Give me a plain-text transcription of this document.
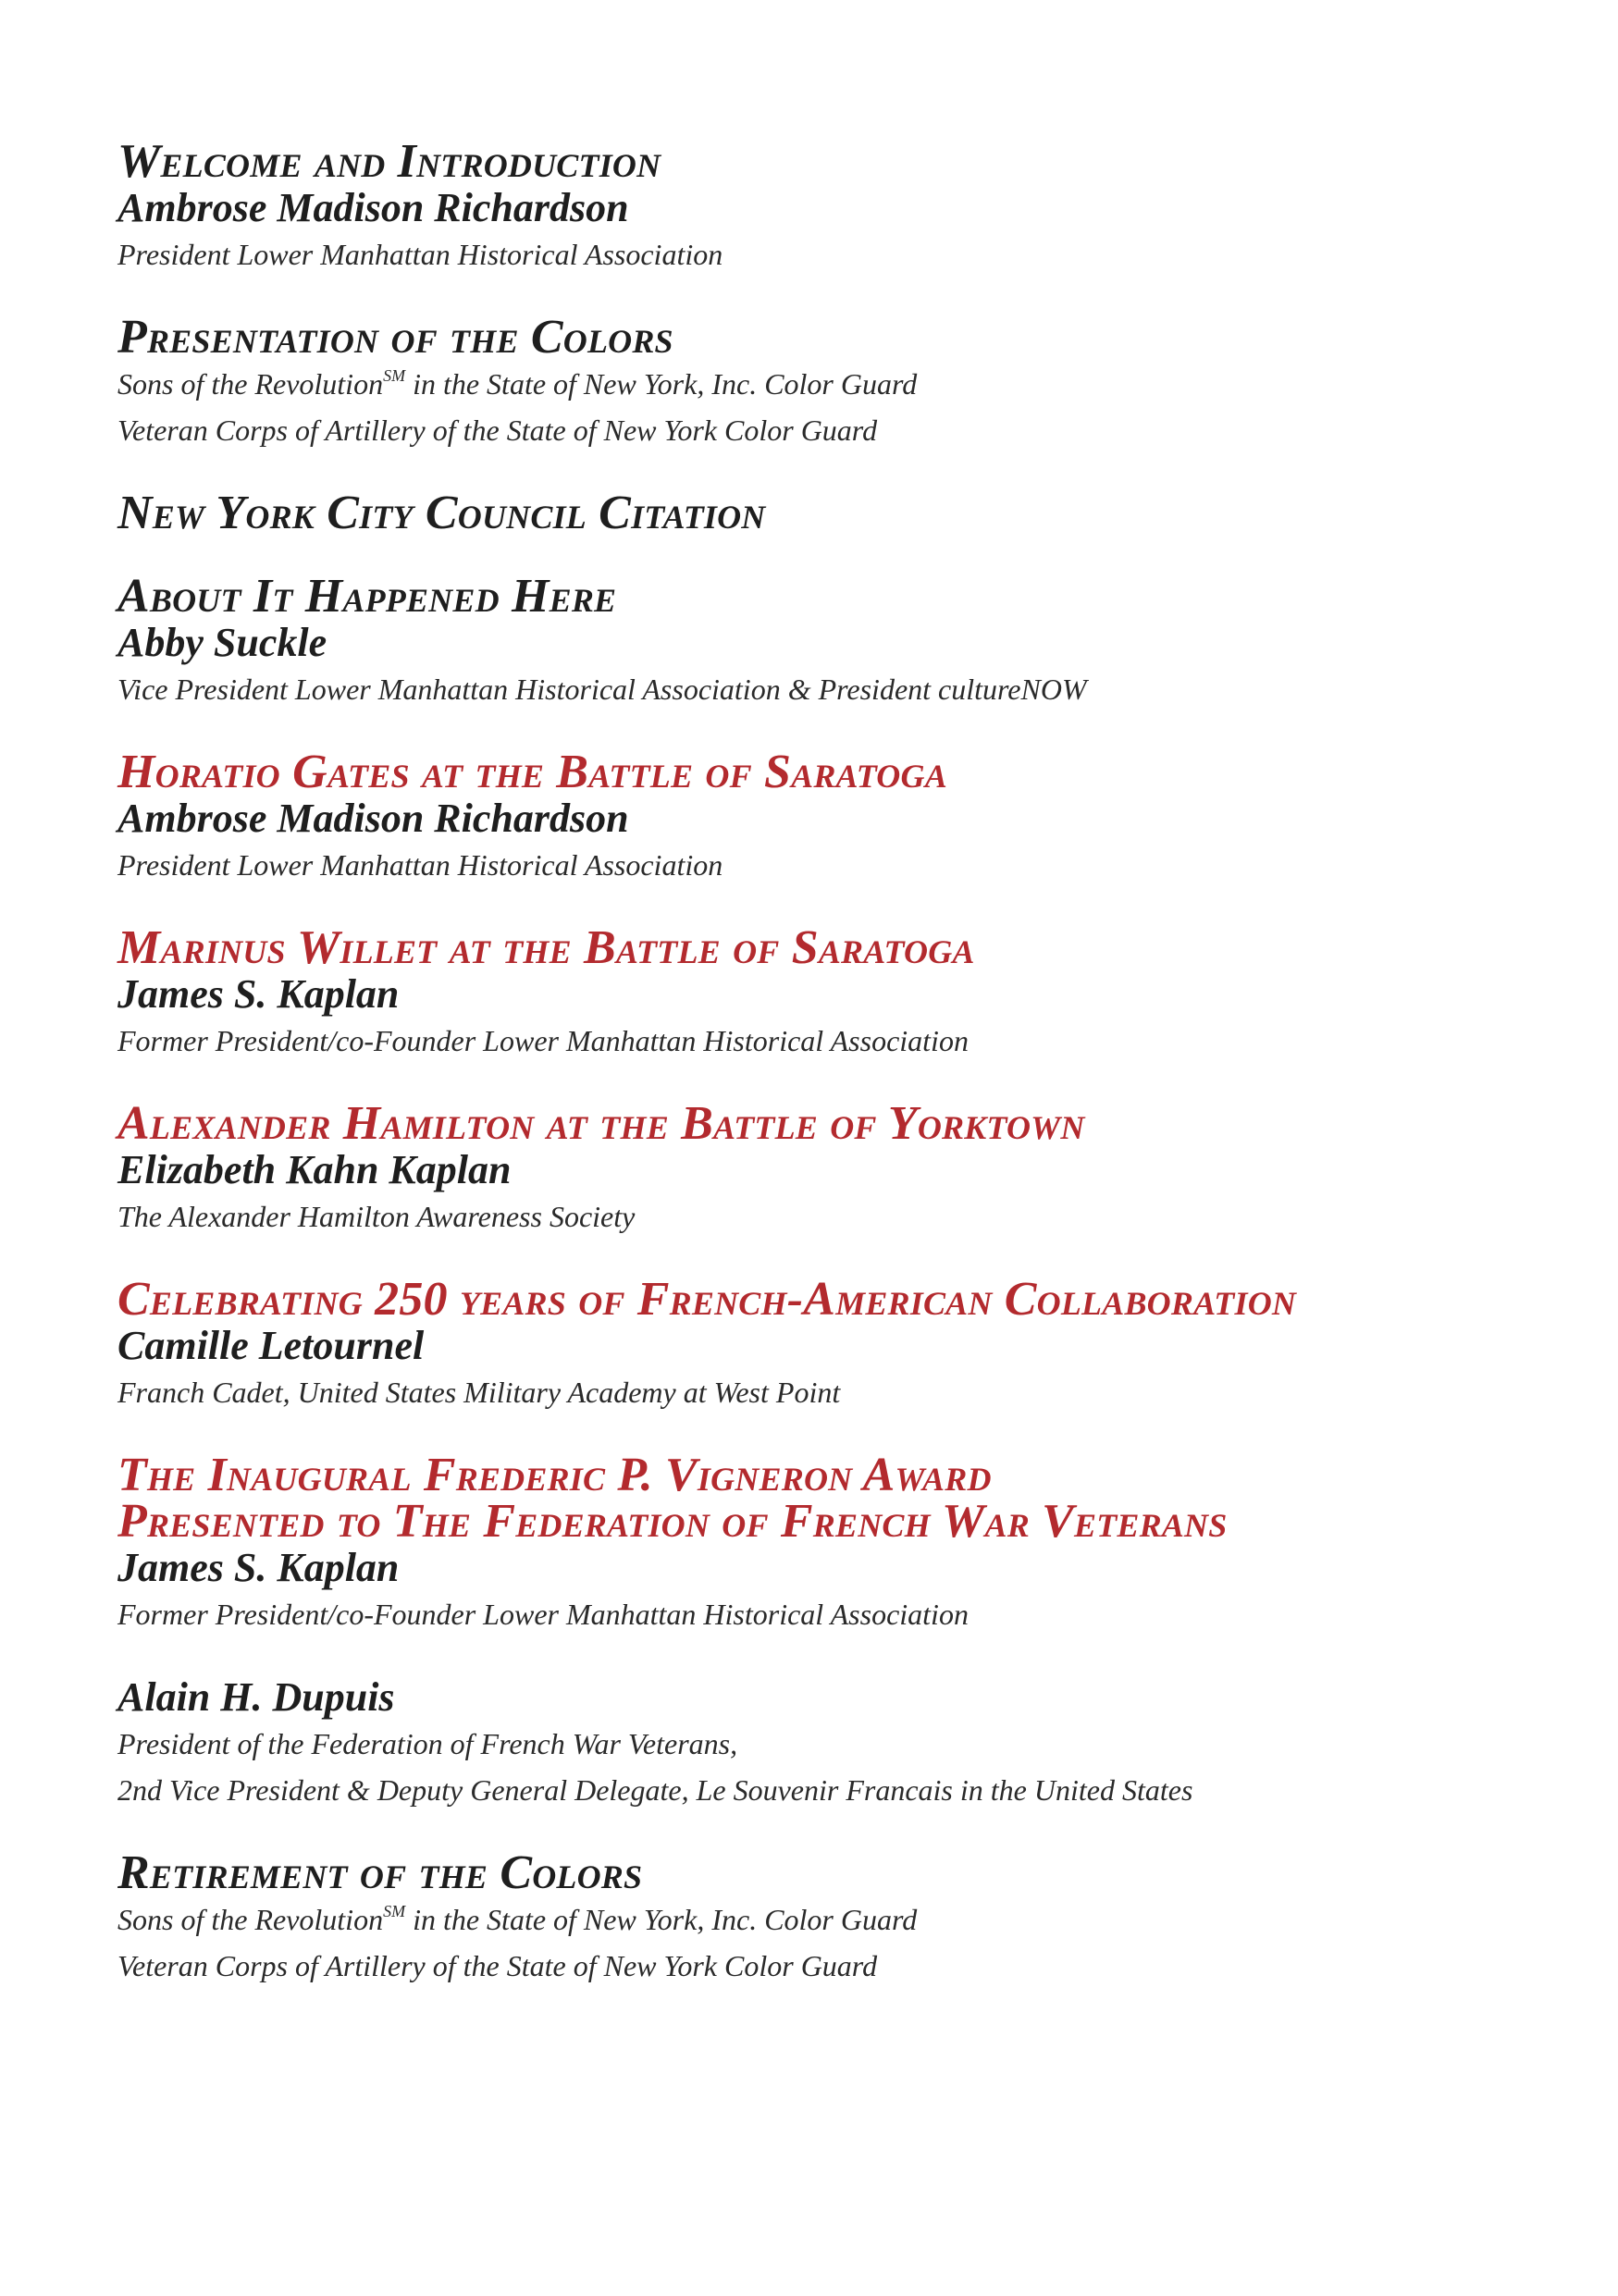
Welcome and Introduction
Ambrose Madison Richardson
President Lower Manhattan Historical Association
Presentation of the Colors
Sons of the Revolution℠ in the State of New York, Inc. Color Guard
Veteran Corps of Artillery of the State of New York Color Guard
New York City Council Citation
About It Happened Here
Abby Suckle
Vice President Lower Manhattan Historical Association & President cultureNOW
Horatio Gates at the Battle of Saratoga
Ambrose Madison Richardson
President Lower Manhattan Historical Association
Marinus Willet at the Battle of Saratoga
James S. Kaplan
Former President/co-Founder Lower Manhattan Historical Association
Alexander Hamilton at the Battle of Yorktown
Elizabeth Kahn Kaplan
The Alexander Hamilton Awareness Society
Celebrating 250 years of French-American Collaboration
Camille Letournel
Franch Cadet, United States Military Academy at West Point
The Inaugural Frederic P. Vigneron Award
Presented to The Federation of French War Veterans
James S. Kaplan
Former President/co-Founder Lower Manhattan Historical Association
Alain H. Dupuis
President of the Federation of French War Veterans,
2nd Vice President & Deputy General Delegate, Le Souvenir Francais in the United States
Retirement of the Colors
Sons of the Revolution℠ in the State of New York, Inc. Color Guard
Veteran Corps of Artillery of the State of New York Color Guard
